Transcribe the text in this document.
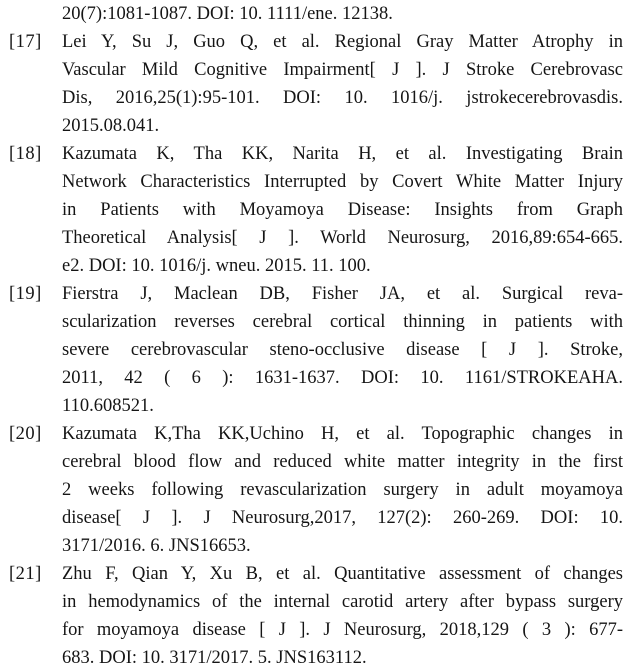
20(7):1081-1087. DOI: 10. 1111/ene. 12138.
[17]	Lei Y, Su J, Guo Q, et al. Regional Gray Matter Atrophy in
Vascular Mild Cognitive Impairment[ J ]. J Stroke Cerebrovasc
Dis, 2016,25(1):95-101. DOI: 10. 1016/j. jstrokecerebrovasdis.
2015.08.041.
[18]	Kazumata K, Tha KK, Narita H, et al. Investigating Brain
Network Characteristics Interrupted by Covert White Matter Injury
in Patients with Moyamoya Disease: Insights from Graph
Theoretical Analysis[ J ]. World Neurosurg, 2016,89:654-665.
e2. DOI: 10. 1016/j. wneu. 2015. 11. 100.
[19]	Fierstra J, Maclean DB, Fisher JA, et al. Surgical reva-
scularization reverses cerebral cortical thinning in patients with
severe cerebrovascular steno-occlusive disease [ J ]. Stroke,
2011, 42 ( 6 ): 1631-1637. DOI: 10. 1161/STROKEAHA.
110.608521.
[20]	Kazumata K,Tha KK,Uchino H, et al. Topographic changes in
cerebral blood flow and reduced white matter integrity in the first
2 weeks following revascularization surgery in adult moyamoya
disease[ J ]. J Neurosurg,2017, 127(2): 260-269. DOI: 10.
3171/2016. 6. JNS16653.
[21]	Zhu F, Qian Y, Xu B, et al. Quantitative assessment of changes
in hemodynamics of the internal carotid artery after bypass surgery
for moyamoya disease [ J ]. J Neurosurg, 2018,129 ( 3 ): 677-
683. DOI: 10. 3171/2017. 5. JNS163112.
